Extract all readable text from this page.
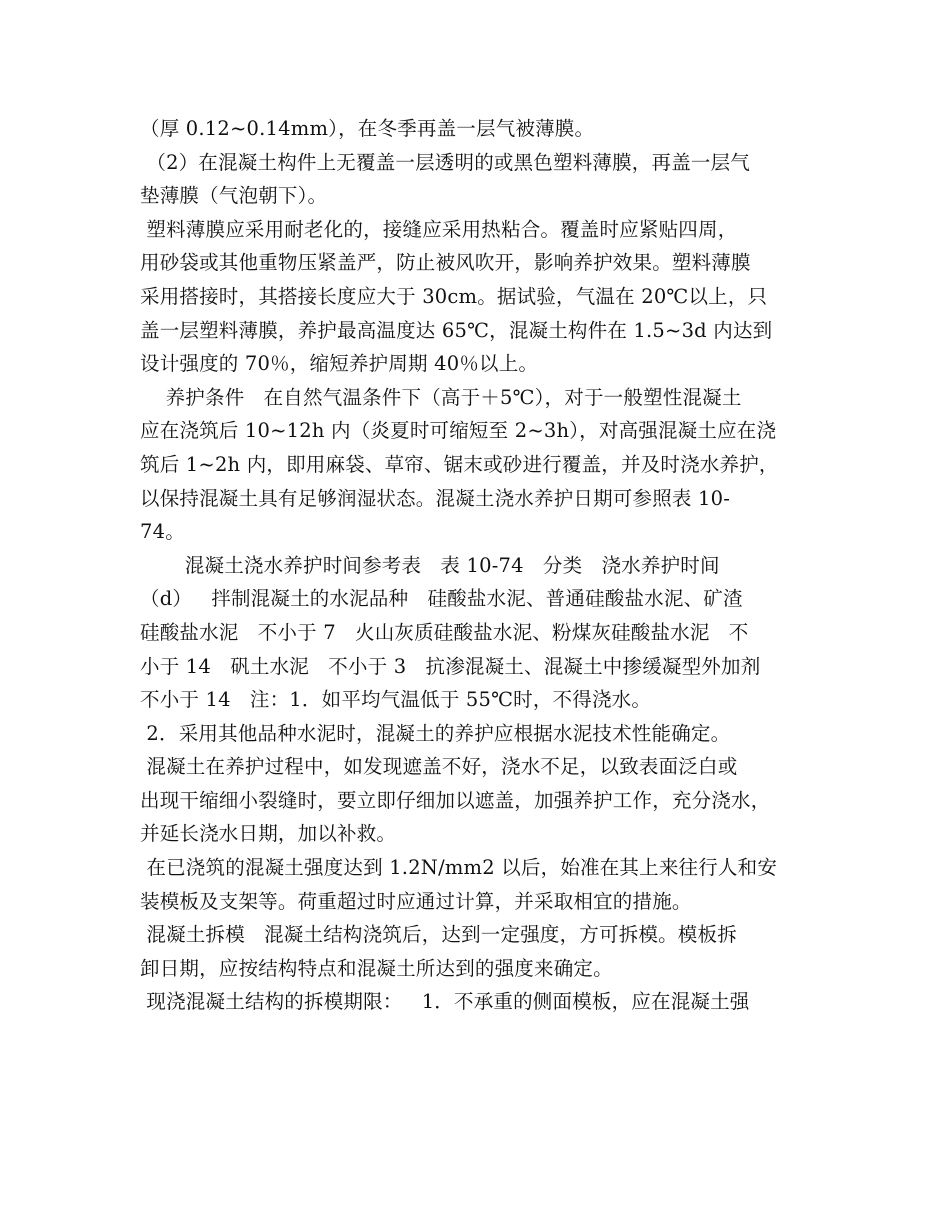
（厚 0.12~0.14mm），在冬季再盖一层气被薄膜。
（2）在混凝土构件上无覆盖一层透明的或黑色塑料薄膜，再盖一层气
垫薄膜（气泡朝下）。
塑料薄膜应采用耐老化的，接缝应采用热粘合。覆盖时应紧贴四周，
用砂袋或其他重物压紧盖严，防止被风吹开，影响养护效果。塑料薄膜
采用搭接时，其搭接长度应大于 30cm。据试验，气温在 20℃以上，只
盖一层塑料薄膜，养护最高温度达 65℃，混凝土构件在 1.5~3d 内达到
设计强度的 70％，缩短养护周期 40％以上。
养护条件   在自然气温条件下（高于＋5℃），对于一般塑性混凝土
应在浇筑后 10~12h 内（炎夏时可缩短至 2~3h），对高强混凝土应在浇
筑后 1~2h 内，即用麻袋、草帘、锯末或砂进行覆盖，并及时浇水养护，
以保持混凝土具有足够润湿状态。混凝土浇水养护日期可参照表 10-
74。
混凝土浇水养护时间参考表   表 10-74   分类   浇水养护时间
（d）   拌制混凝土的水泥品种   硅酸盐水泥、普通硅酸盐水泥、矿渣
硅酸盐水泥   不小于 7   火山灰质硅酸盐水泥、粉煤灰硅酸盐水泥   不
小于 14   矾土水泥   不小于 3   抗渗混凝土、混凝土中掺缓凝型外加剂
不小于 14   注：1．如平均气温低于 55℃时，不得浇水。
2．采用其他品种水泥时，混凝土的养护应根据水泥技术性能确定。
混凝土在养护过程中，如发现遮盖不好，浇水不足，以致表面泛白或
出现干缩细小裂缝时，要立即仔细加以遮盖，加强养护工作，充分浇水，
并延长浇水日期，加以补救。
在已浇筑的混凝土强度达到 1.2N/mm2 以后，始准在其上来往行人和安
装模板及支架等。荷重超过时应通过计算，并采取相宜的措施。
混凝土拆模   混凝土结构浇筑后，达到一定强度，方可拆模。模板拆
卸日期，应按结构特点和混凝土所达到的强度来确定。
现浇混凝土结构的拆模期限：   1．不承重的侧面模板，应在混凝土强
